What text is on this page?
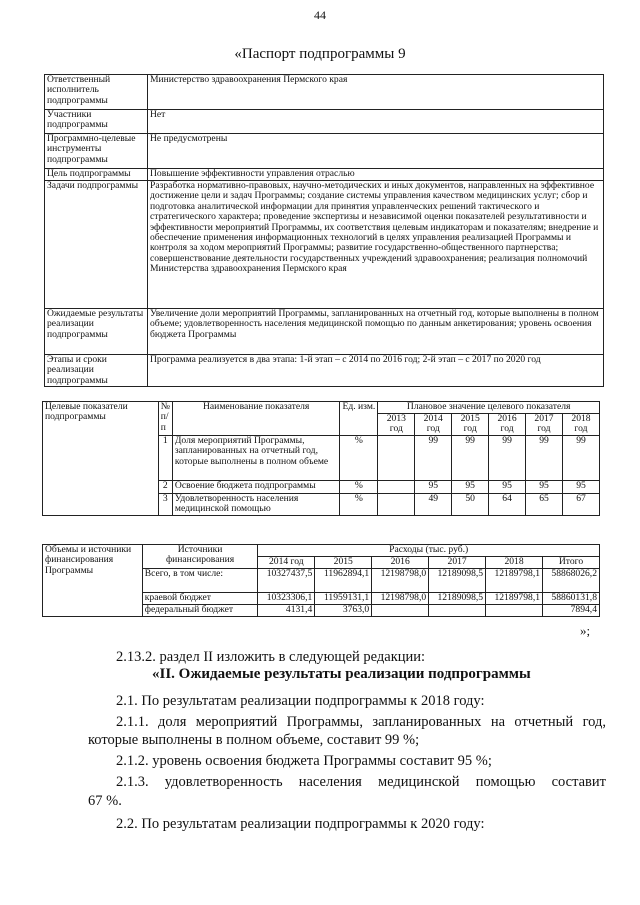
44
«Паспорт подпрограммы 9
Ответственный исполнитель подпрограммы	Министерство здравоохранения Пермского края
Участники подпрограммы	Нет
Программно-целевые инструменты подпрограммы	Не предусмотрены
Цель подпрограммы	Повышение эффективности управления отраслью
Задачи подпрограммы	Разработка нормативно-правовых, научно-методических и иных документов, направленных на эффективное достижение цели и задач Программы; создание системы управления качеством медицинских услуг; сбор и подготовка аналитической информации для принятия управленческих решений тактического и стратегического характера; проведение экспертизы и независимой оценки показателей результативности и эффективности мероприятий Программы, их соответствия целевым индикаторам и показателям; внедрение и обеспечение применения информационных технологий в целях управления реализацией Программы и контроля за ходом мероприятий Программы; развитие государственно-общественного партнерства; совершенствование деятельности государственных учреждений здравоохранения; реализация полномочий Министерства здравоохранения Пермского края
Ожидаемые результаты реализации подпрограммы	Увеличение доли мероприятий Программы, запланированных на отчетный год, которые выполнены в полном объеме; удовлетворенность населения медицинской помощью по данным анкетирования; уровень освоения бюджета Программы
Этапы и сроки реализации подпрограммы	Программа реализуется в два этапа: 1-й этап – с 2014 по 2016 год; 2-й этап – с 2017 по 2020 год
Целевые показатели подпрограммы	№ п/п	Наименование показателя	Ед. изм.	Плановое значение целевого показателя					
				2013 год	2014 год	2015 год	2016 год	2017 год	2018 год
	1	Доля мероприятий Программы, запланированных на отчетный год, которые выполнены в полном объеме	%		99	99	99	99	99
	2	Освоение бюджета подпрограммы	%		95	95	95	95	95
	3	Удовлетворенность населения медицинской помощью	%		49	50	64	65	67
Объемы и источники финансирования Программы	Источники финансирования	Расходы (тыс. руб.)					
		2014 год	2015	2016	2017	2018	Итого
	Всего, в том числе:	10327437,5	11962894,1	12198798,0	12189098,5	12189798,1	58868026,2
	краевой бюджет	10323306,1	11959131,1	12198798,0	12189098,5	12189798,1	58860131,8
	федеральный бюджет	4131,4	3763,0				7894,4
»;
2.13.2. раздел II изложить в следующей редакции:
«II. Ожидаемые результаты реализации подпрограммы
2.1. По результатам реализации подпрограммы к 2018 году:
2.1.1. доля мероприятий Программы, запланированных на отчетный год,
которые выполнены в полном объеме, составит 99 %;
2.1.2. уровень освоения бюджета Программы составит 95 %;
2.1.3. удовлетворенность населения медицинской помощью составит
67 %.
2.2. По результатам реализации подпрограммы к 2020 году:
